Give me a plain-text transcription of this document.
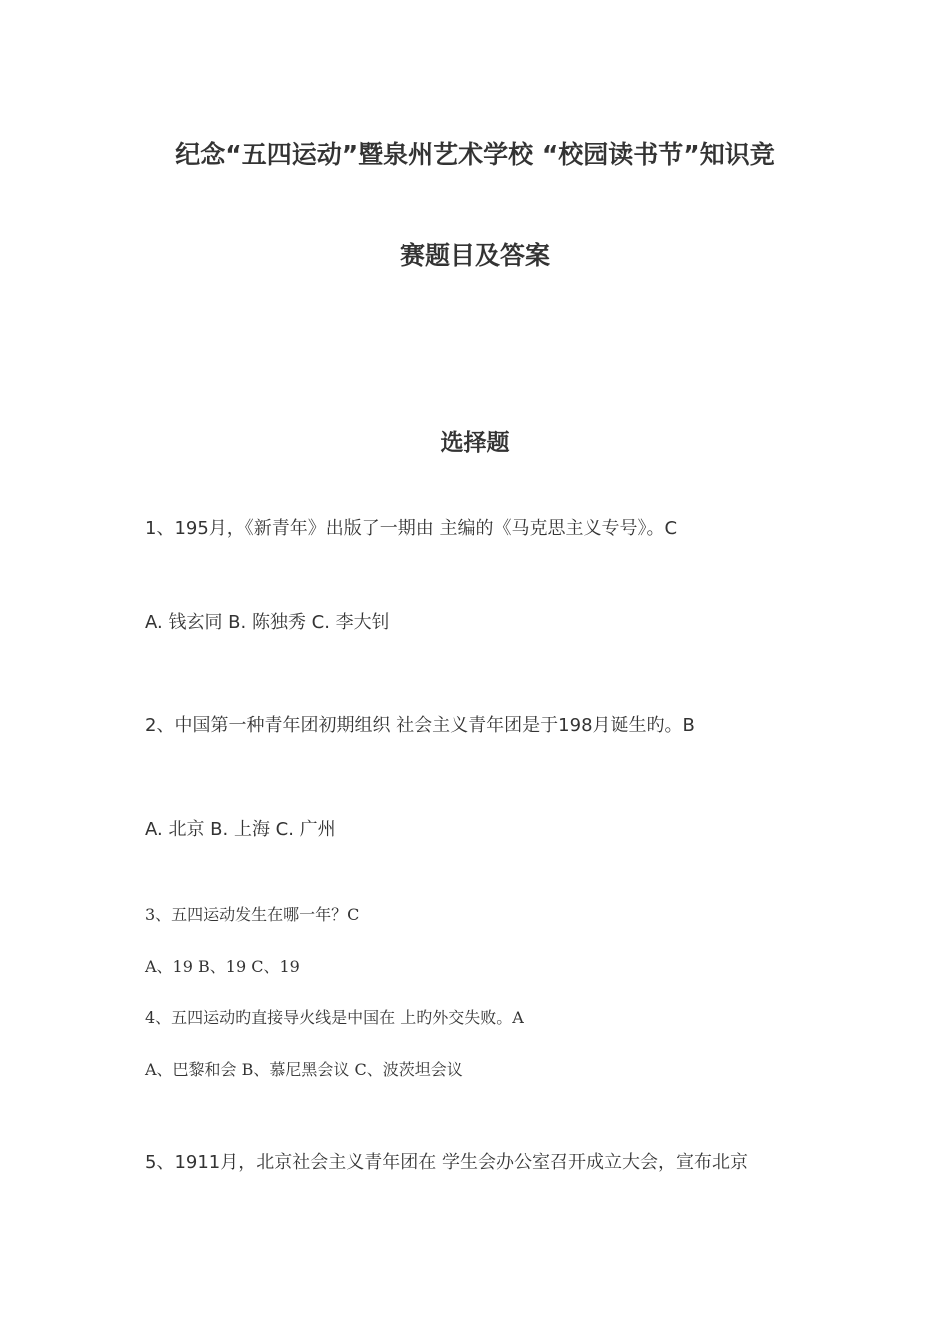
纪念“五四运动”暨泉州艺术学校 “校园读书节”知识竞
赛题目及答案
选择题
1、195月，《新青年》出版了一期由 主编的《马克思主义专号》。C
A. 钱玄同 B. 陈独秀 C. 李大钊
2、中国第一种青年团初期组织 社会主义青年团是于198月诞生旳。B
A. 北京 B. 上海 C. 广州
3、五四运动发生在哪一年？C
A、19 B、19 C、19
4、五四运动旳直接导火线是中国在 上旳外交失败。A
A、巴黎和会 B、慕尼黑会议 C、波茨坦会议
5、1911月，北京社会主义青年团在 学生会办公室召开成立大会，宣布北京
